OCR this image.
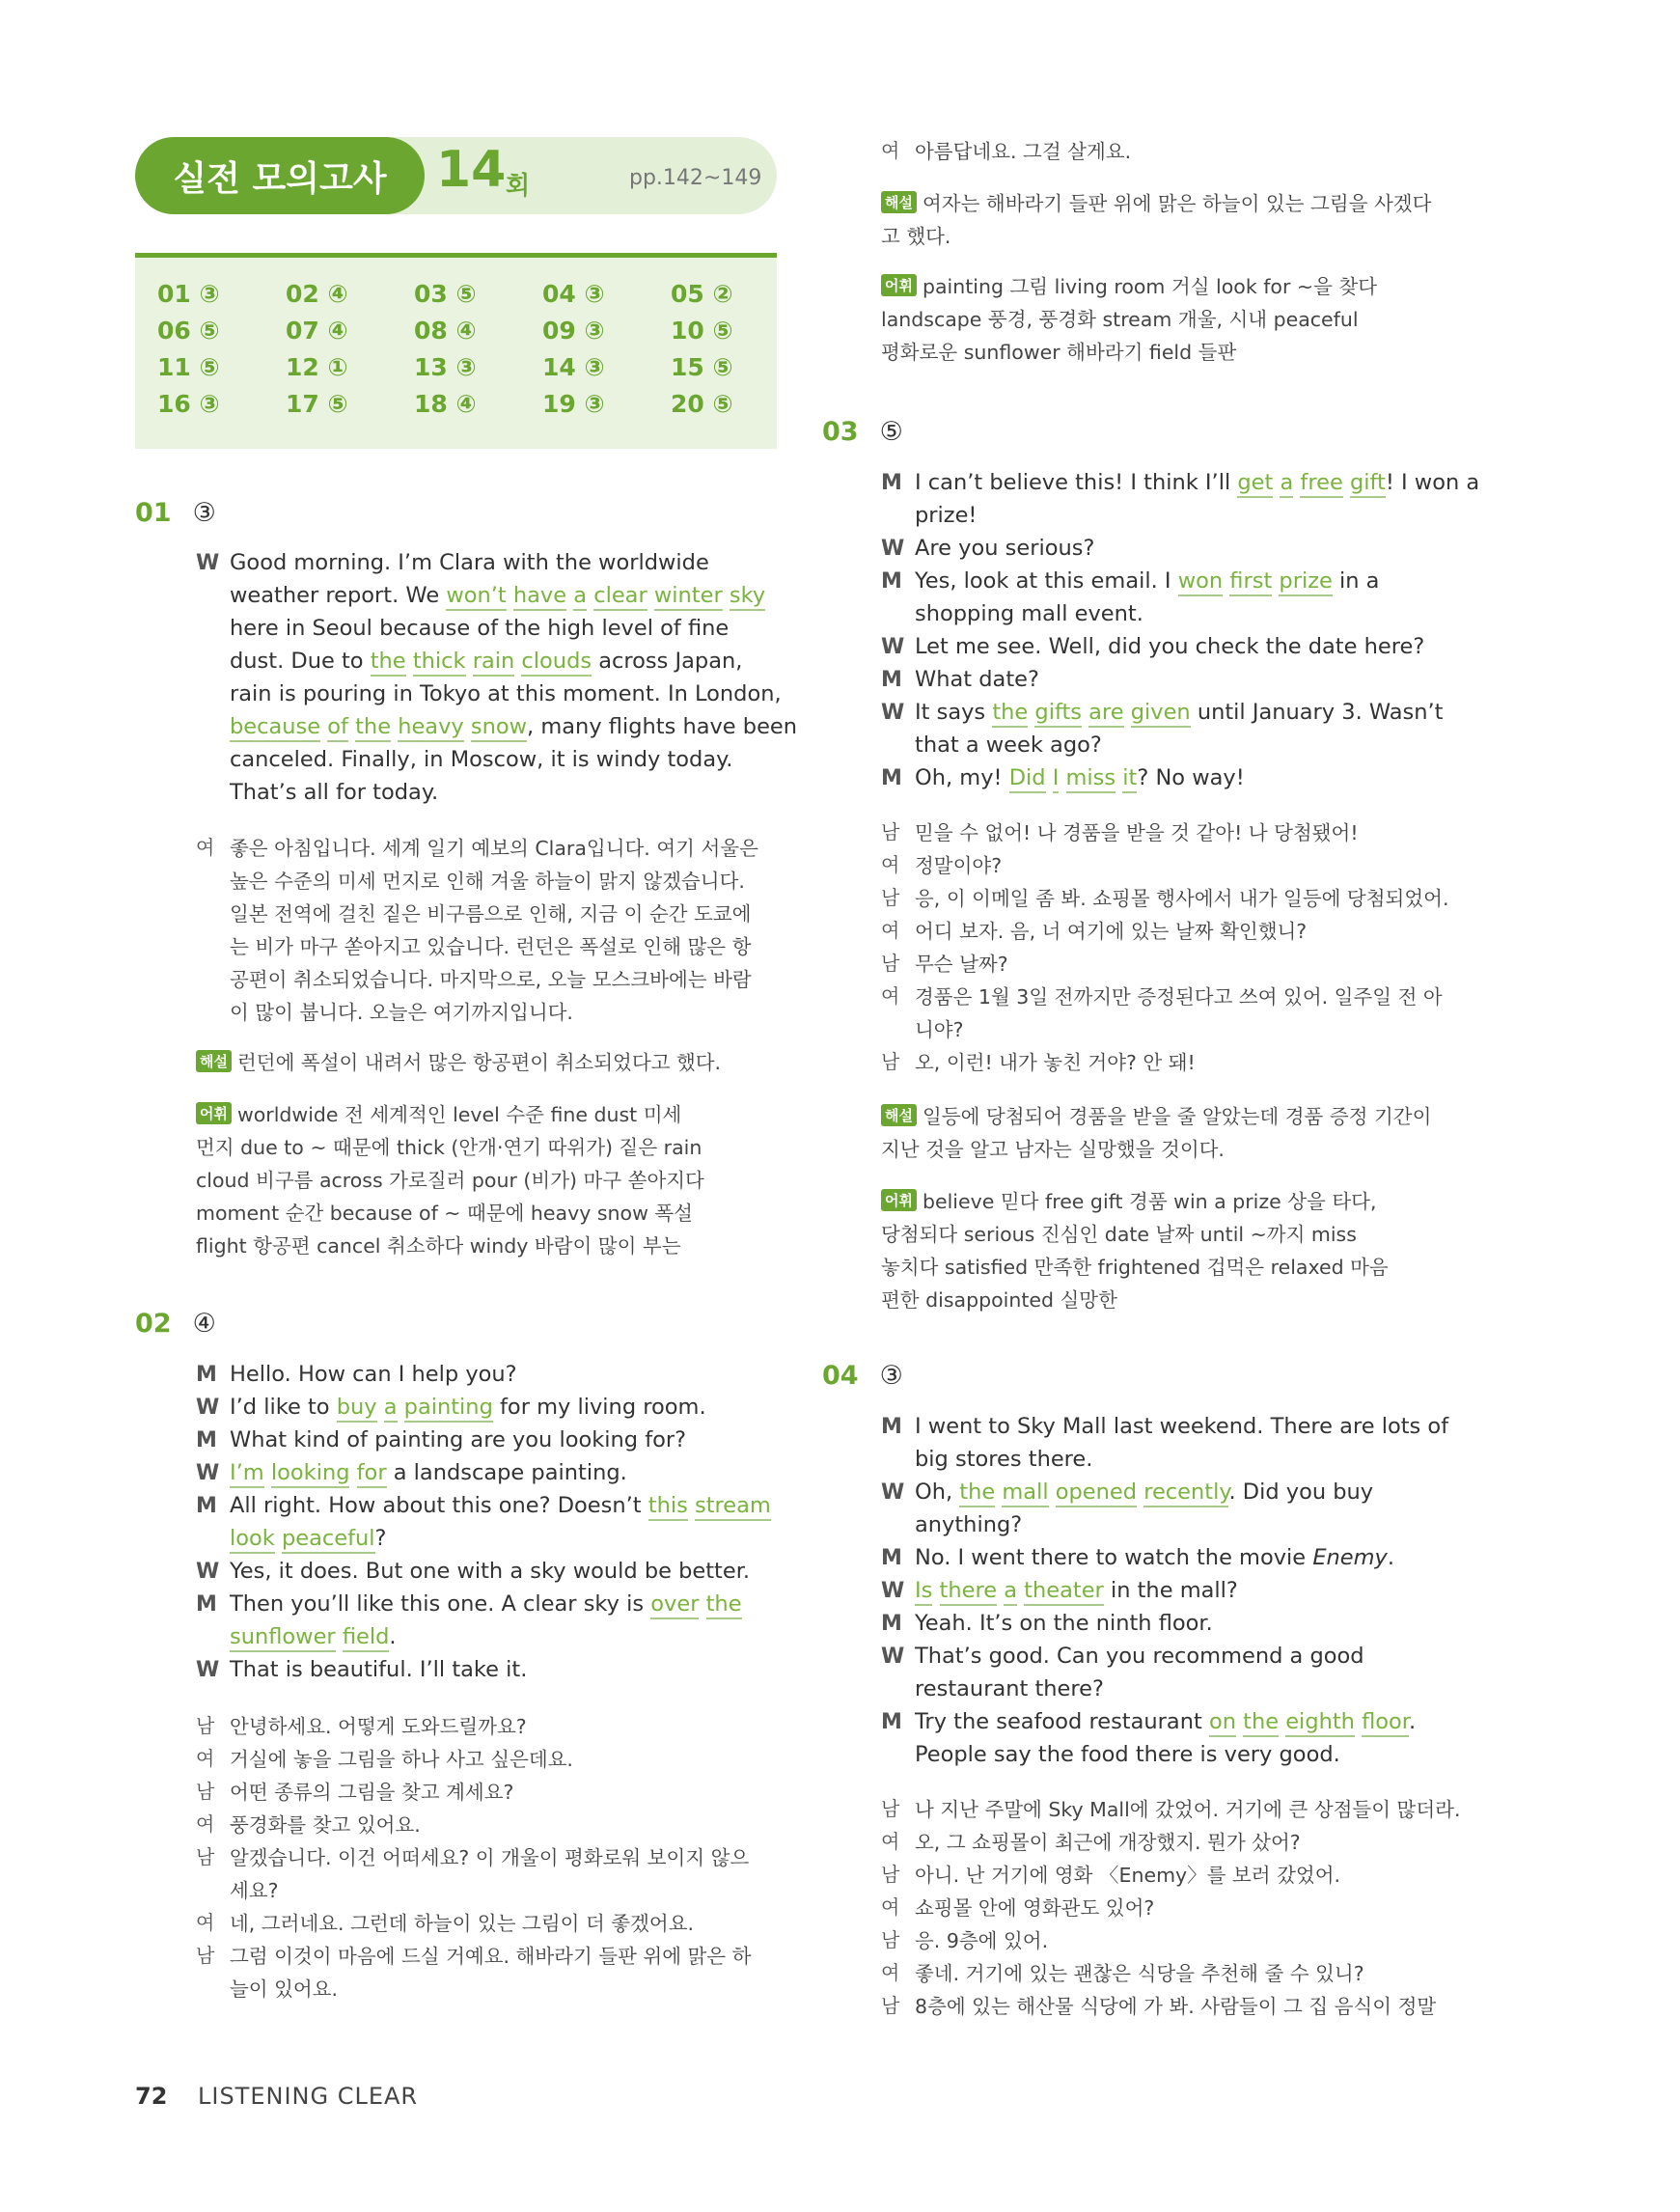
실전 모의고사 14 회	pp.142~149
01 ③	02 ④	03 ⑤	04 ③	05 ②
06 ⑤	07 ④	08 ④	09 ③	10 ⑤
11 ⑤	12 ①	13 ③	14 ③	15 ⑤
16 ③	17 ⑤	18 ④	19 ③	20 ⑤
01 ③
W Good morning. I’m Clara with the worldwide
weather report. We won’t have a clear winter sky
here in Seoul because of the high level of fine
dust. Due to the thick rain clouds across Japan,
rain is pouring in Tokyo at this moment. In London,
because of the heavy snow, many flights have been
canceled. Finally, in Moscow, it is windy today.
That’s all for today.
여 좋은 아침입니다. 세계 일기 예보의 Clara입니다. 여기 서울은
높은 수준의 미세 먼지로 인해 겨울 하늘이 맑지 않겠습니다.
일본 전역에 걸친 짙은 비구름으로 인해, 지금 이 순간 도쿄에
는 비가 마구 쏟아지고 있습니다. 런던은 폭설로 인해 많은 항
공편이 취소되었습니다. 마지막으로, 오늘 모스크바에는 바람
이 많이 붑니다. 오늘은 여기까지입니다.
해설 런던에 폭설이 내려서 많은 항공편이 취소되었다고 했다.
어휘 worldwide 전 세계적인 level 수준 fine dust 미세
먼지 due to ~ 때문에 thick (안개·연기 따위가) 짙은 rain
cloud 비구름 across 가로질러 pour (비가) 마구 쏟아지다
moment 순간 because of ~ 때문에 heavy snow 폭설
flight 항공편 cancel 취소하다 windy 바람이 많이 부는
02 ④
M Hello. How can I help you?
W I’d like to buy a painting for my living room.
M What kind of painting are you looking for?
W I’m looking for a landscape painting.
M All right. How about this one? Doesn’t this stream
look peaceful?
W Yes, it does. But one with a sky would be better.
M Then you’ll like this one. A clear sky is over the
sunflower field.
W That is beautiful. I’ll take it.
남 안녕하세요. 어떻게 도와드릴까요?
여 거실에 놓을 그림을 하나 사고 싶은데요.
남 어떤 종류의 그림을 찾고 계세요?
여 풍경화를 찾고 있어요.
남 알겠습니다. 이건 어떠세요? 이 개울이 평화로워 보이지 않으
세요?
여 네, 그러네요. 그런데 하늘이 있는 그림이 더 좋겠어요.
남 그럼 이것이 마음에 드실 거예요. 해바라기 들판 위에 맑은 하
늘이 있어요.
여 아름답네요. 그걸 살게요.
해설 여자는 해바라기 들판 위에 맑은 하늘이 있는 그림을 사겠다
고 했다.
어휘 painting 그림 living room 거실 look for ~을 찾다
landscape 풍경, 풍경화 stream 개울, 시내 peaceful
평화로운 sunflower 해바라기 field 들판
03 ⑤
M I can’t believe this! I think I’ll get a free gift! I won a
prize!
W Are you serious?
M Yes, look at this email. I won first prize in a
shopping mall event.
W Let me see. Well, did you check the date here?
M What date?
W It says the gifts are given until January 3. Wasn’t
that a week ago?
M Oh, my! Did I miss it? No way!
남 믿을 수 없어! 나 경품을 받을 것 같아! 나 당첨됐어!
여 정말이야?
남 응, 이 이메일 좀 봐. 쇼핑몰 행사에서 내가 일등에 당첨되었어.
여 어디 보자. 음, 너 여기에 있는 날짜 확인했니?
남 무슨 날짜?
여 경품은 1월 3일 전까지만 증정된다고 쓰여 있어. 일주일 전 아
니야?
남 오, 이런! 내가 놓친 거야? 안 돼!
해설 일등에 당첨되어 경품을 받을 줄 알았는데 경품 증정 기간이
지난 것을 알고 남자는 실망했을 것이다.
어휘 believe 믿다 free gift 경품 win a prize 상을 타다,
당첨되다 serious 진심인 date 날짜 until ~까지 miss
놓치다 satisfied 만족한 frightened 겁먹은 relaxed 마음
편한 disappointed 실망한
04 ③
M I went to Sky Mall last weekend. There are lots of
big stores there.
W Oh, the mall opened recently. Did you buy
anything?
M No. I went there to watch the movie Enemy.
W Is there a theater in the mall?
M Yeah. It’s on the ninth floor.
W That’s good. Can you recommend a good
restaurant there?
M Try the seafood restaurant on the eighth floor.
People say the food there is very good.
남 나 지난 주말에 Sky Mall에 갔었어. 거기에 큰 상점들이 많더라.
여 오, 그 쇼핑몰이 최근에 개장했지. 뭔가 샀어?
남 아니. 난 거기에 영화 〈Enemy〉를 보러 갔었어.
여 쇼핑몰 안에 영화관도 있어?
남 응. 9층에 있어.
여 좋네. 거기에 있는 괜찮은 식당을 추천해 줄 수 있니?
남 8층에 있는 해산물 식당에 가 봐. 사람들이 그 집 음식이 정말
72 LISTENING CLEAR
